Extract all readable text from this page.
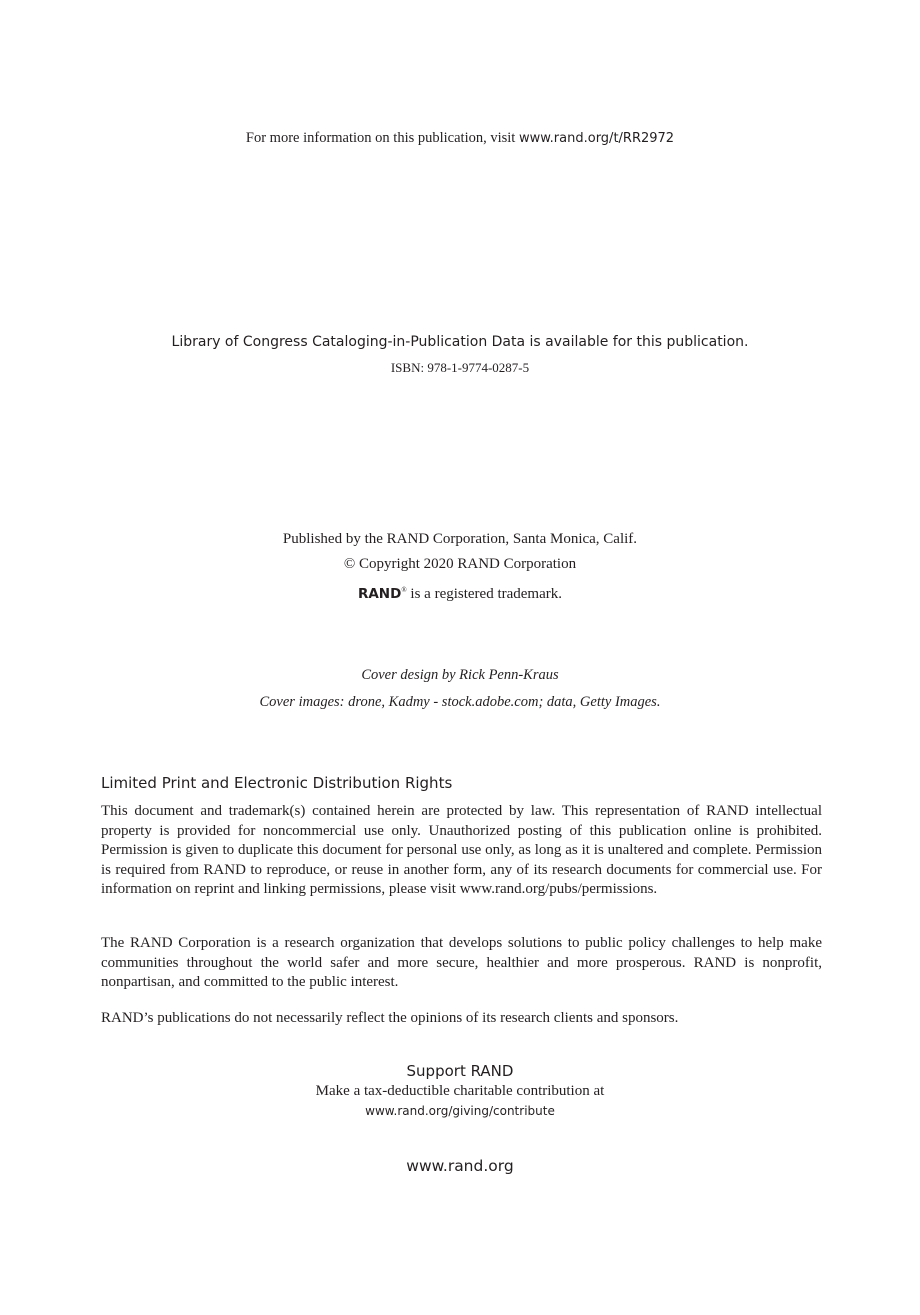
For more information on this publication, visit www.rand.org/t/RR2972
Library of Congress Cataloging-in-Publication Data is available for this publication.
ISBN: 978-1-9774-0287-5
Published by the RAND Corporation, Santa Monica, Calif.
© Copyright 2020 RAND Corporation
RAND® is a registered trademark.
Cover design by Rick Penn-Kraus
Cover images: drone, Kadmy - stock.adobe.com; data, Getty Images.
Limited Print and Electronic Distribution Rights

This document and trademark(s) contained herein are protected by law. This representation of RAND intellectual property is provided for noncommercial use only. Unauthorized posting of this publication online is prohibited. Permission is given to duplicate this document for personal use only, as long as it is unaltered and complete. Permission is required from RAND to reproduce, or reuse in another form, any of its research documents for commercial use. For information on reprint and linking permissions, please visit www.rand.org/pubs/permissions.

The RAND Corporation is a research organization that develops solutions to public policy challenges to help make communities throughout the world safer and more secure, healthier and more prosperous. RAND is nonprofit, nonpartisan, and committed to the public interest.

RAND’s publications do not necessarily reflect the opinions of its research clients and sponsors.

Support RAND
Make a tax-deductible charitable contribution at
www.rand.org/giving/contribute
www.rand.org
